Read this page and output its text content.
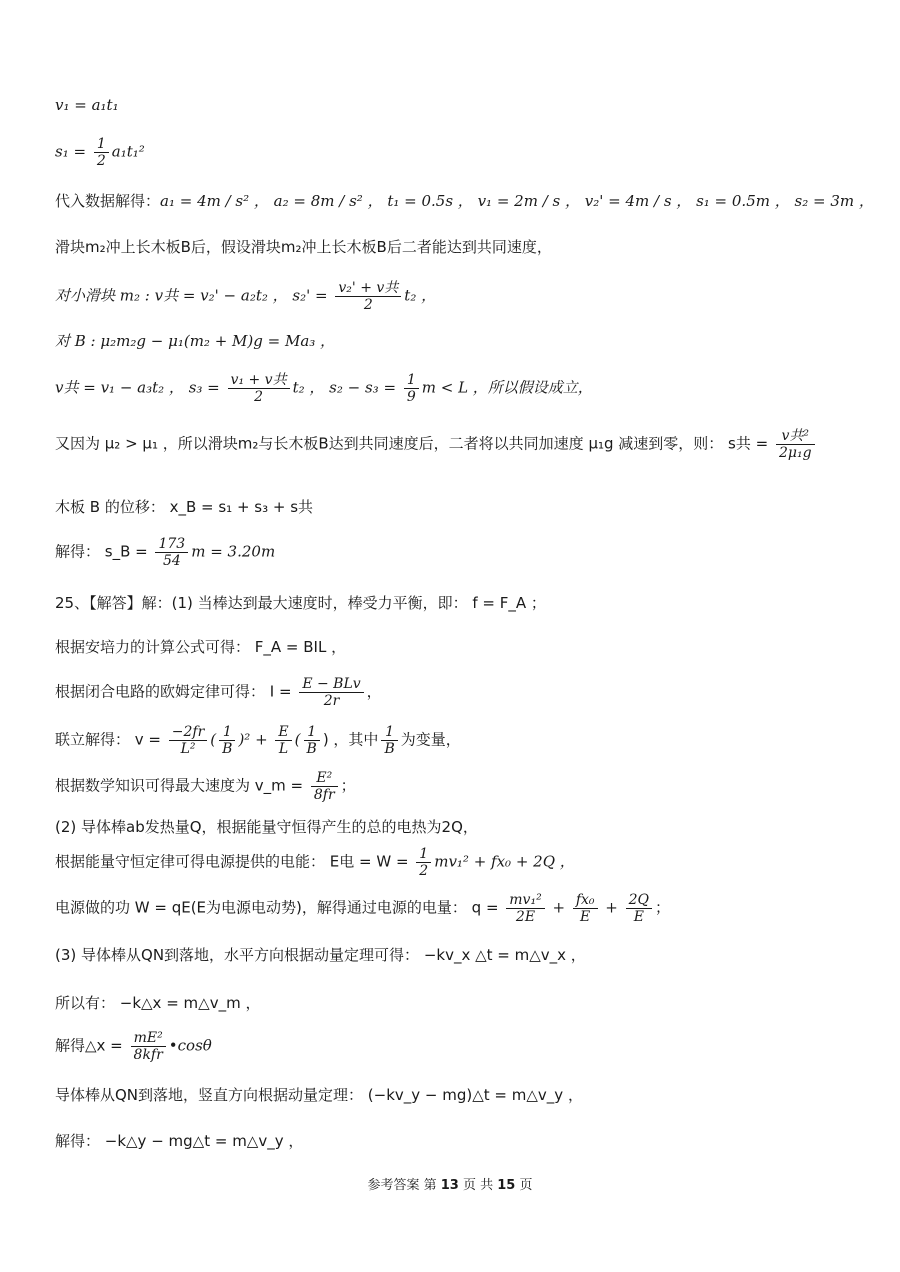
v₁ = a₁t₁
$s_1 = \frac{1}{2} a_1t_1^2$
代入数据解得：a₁ = 4m / s² ， a₂ = 8m / s² ， t₁ = 0.5s ， v₁ = 2m / s ， v₂' = 4m / s ， s₁ = 0.5m ， s₂ = 3m ，
滑块m₂冲上长木板B后，假设滑块m₂冲上长木板B后二者能达到共同速度，
对小滑块 m₂ : v共 = v₂' − a₂t₂ ， $s_2' = \frac{\text{v₂' + v共}}{2} t_2$ ，
对 B : μ₂m₂g − μ₁(m₂ + M)g = Ma₃ ，
v共 = v₁ − a₃t₂ ， $s_3 = \frac{\text{v₁ + v共}}{2} t_2$ ， $s_2 - s_3 = \frac{1}{9}$ m < L ，所以假设成立，
又因为 μ₂ > μ₁ ，所以滑块m₂与长木板B达到共同速度后，二者将以共同加速度 μ₁g 减速到零，则： s共 = $\frac{\text{v共²}}{\text{2μ₁g}}$
木板 B 的位移： x_B = s₁ + s₃ + s共
解得： s_B = $\frac{173}{54}$ m = 3.20m
25、【解答】解：(1) 当棒达到最大速度时，棒受力平衡，即： f = F_A ；
根据安培力的计算公式可得： F_A = BIL ，
根据闭合电路的欧姆定律可得： $I = \frac{\text{E − BLv}}{2r}$ ，
联立解得： $v = \frac{-2fr}{\text{L²}}$ ( $\frac{1}{B} )^2 + \frac{E}{L}$ ( $\frac{1}{B}$ ) ，其中 $\frac{1}{B}$ 为变量，
根据数学知识可得最大速度为 v_m = $\frac{\text{E²}}{8fr}$ ；
(2) 导体棒ab发热量Q，根据能量守恒得产生的总的电热为2Q，
根据能量守恒定律可得电源提供的电能： E电 = $W = \frac{1}{2} mv_1^2 + fx_0 + 2Q$ ，
电源做的功 W = qE(E为电源电动势)，解得通过电源的电量： $q = \frac{\text{mv₁²}}{2E} + \frac{\text{fx₀}}{E} + \frac{2Q}{E}$ ；
(3) 导体棒从QN到落地，水平方向根据动量定理可得： −kv_x △t = m△v_x ，
所以有： −k△x = m△v_m ，
解得△x = $\frac{\text{mE²}}{\text{8kfr}}$ •cosθ
导体棒从QN到落地，竖直方向根据动量定理： (−kv_y − mg)△t = m△v_y ，
解得： −k△y − mg△t = m△v_y ，
参考答案 第 13 页 共 15 页
